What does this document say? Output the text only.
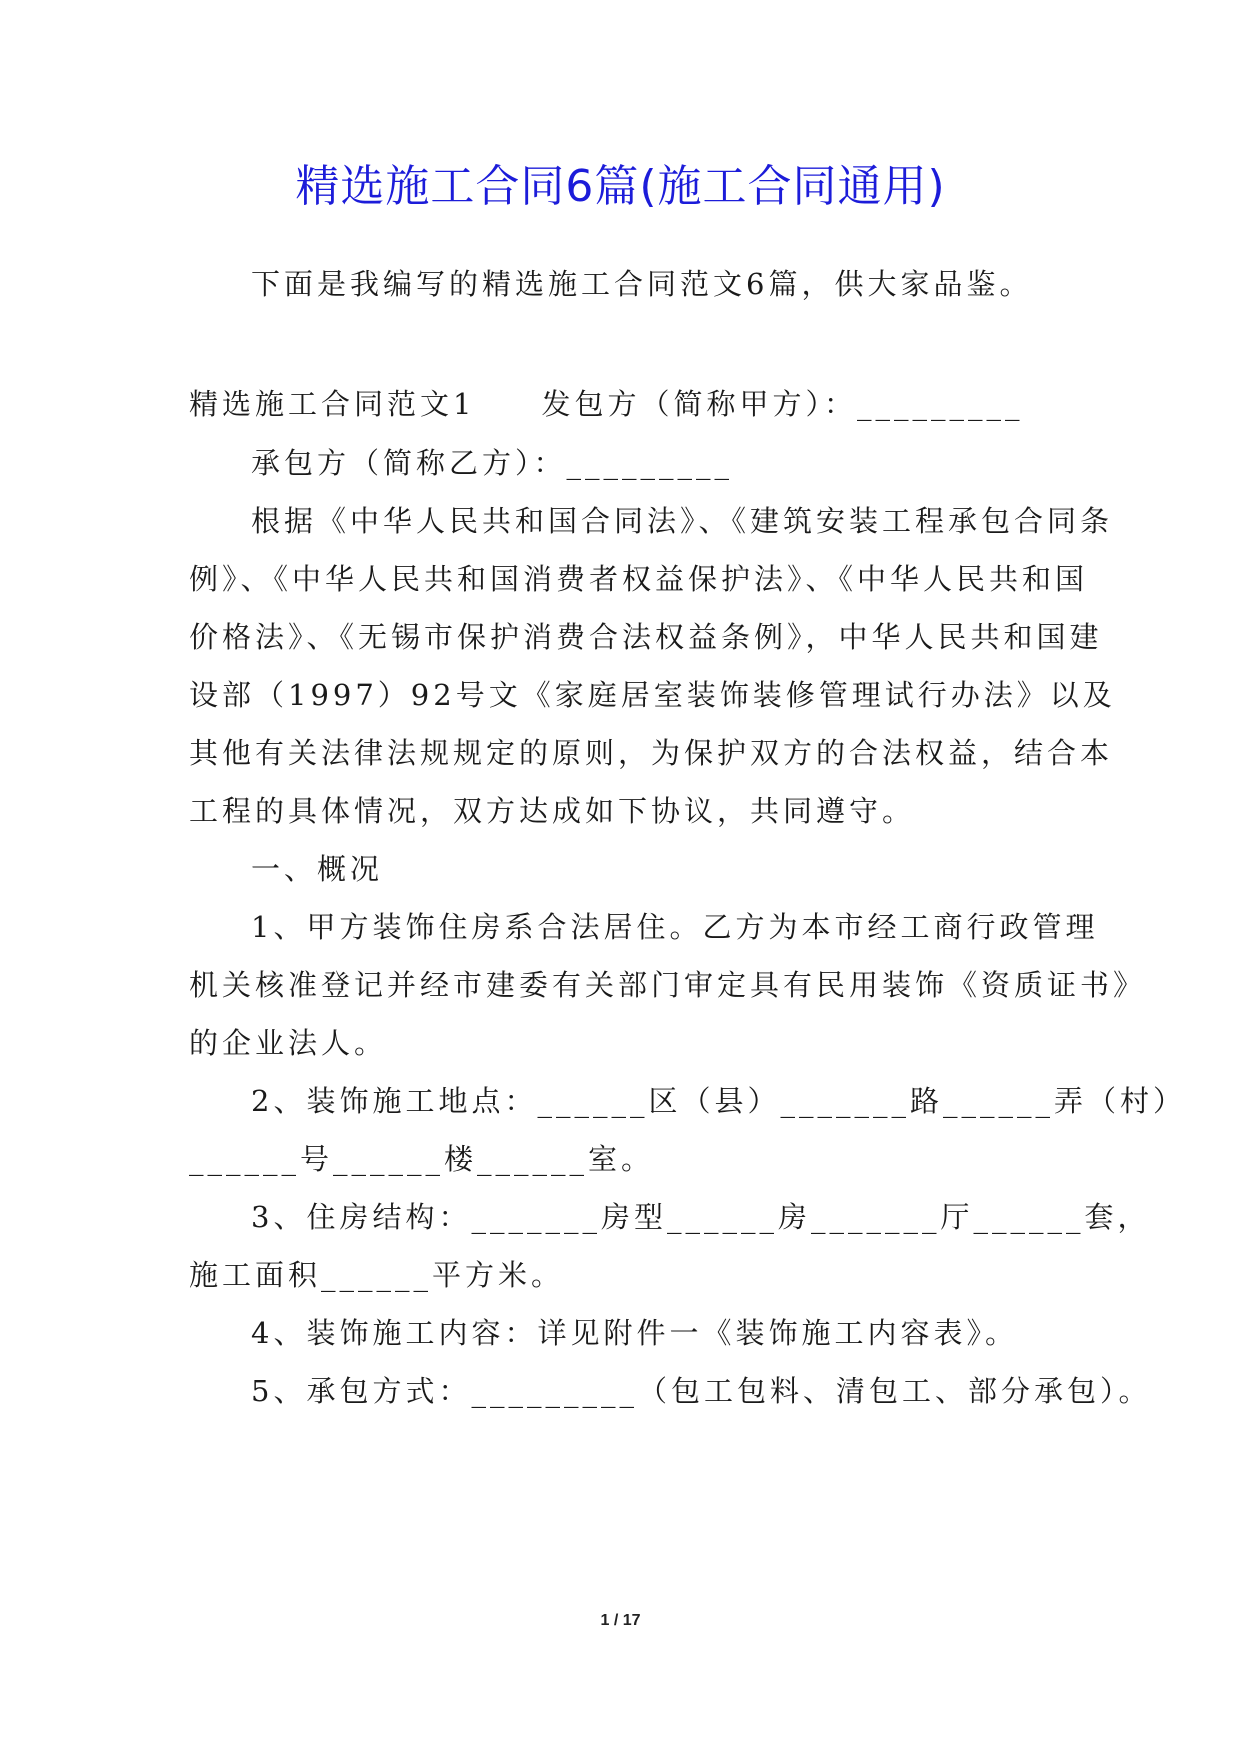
精选施工合同6篇(施工合同通用)
下面是我编写的精选施工合同范文6篇，供大家品鉴。
精选施工合同范文1　　发包方（简称甲方）：_________
承包方（简称乙方）：_________
根据《中华人民共和国合同法》、《建筑安装工程承包合同条
例》、《中华人民共和国消费者权益保护法》、《中华人民共和国
价格法》、《无锡市保护消费合法权益条例》，中华人民共和国建
设部（1997）92号文《家庭居室装饰装修管理试行办法》以及
其他有关法律法规规定的原则，为保护双方的合法权益，结合本
工程的具体情况，双方达成如下协议，共同遵守。
一、概况
1、甲方装饰住房系合法居住。乙方为本市经工商行政管理
机关核准登记并经市建委有关部门审定具有民用装饰《资质证书》
的企业法人。
2、装饰施工地点：______区（县）_______路______弄（村）
______号______楼______室。
3、住房结构：_______房型______房_______厅______套，
施工面积______平方米。
4、装饰施工内容：详见附件一《装饰施工内容表》。
5、承包方式：_________（包工包料、清包工、部分承包）。
1 / 17
